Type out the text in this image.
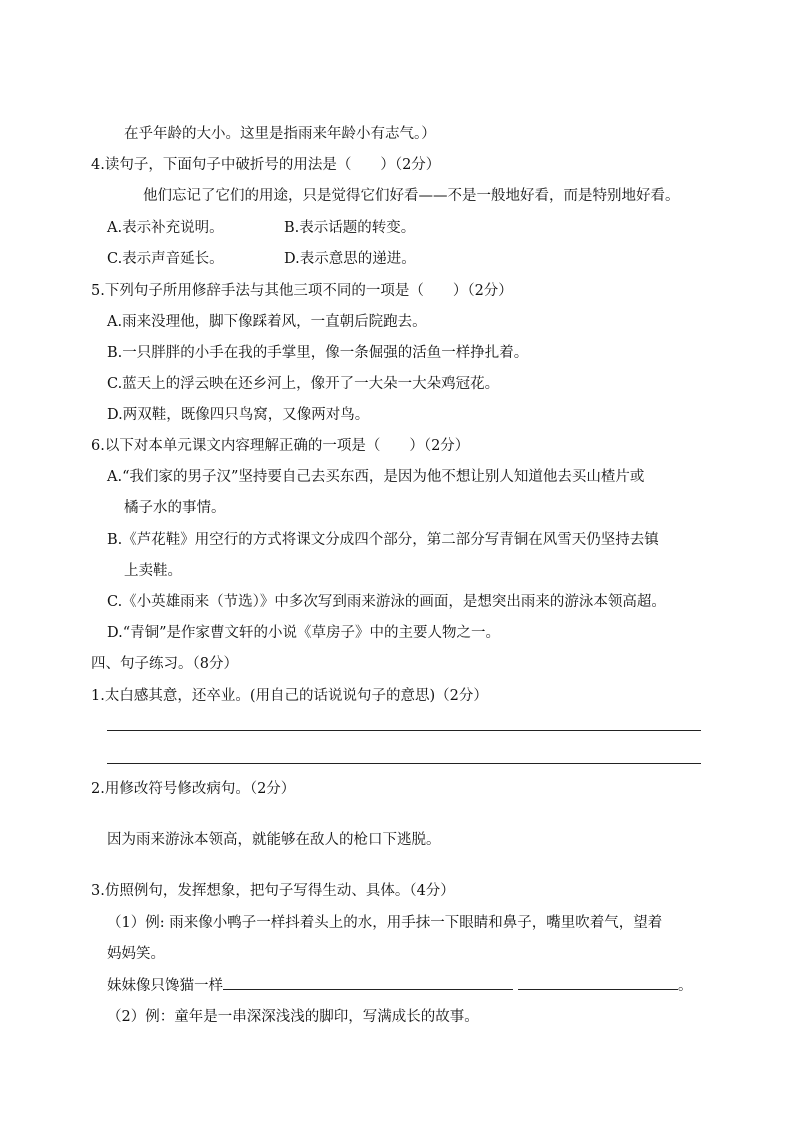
在乎年龄的大小。这里是指雨来年龄小有志气。）
4.读句子，下面句子中破折号的用法是（　　）（2分）
他们忘记了它们的用途，只是觉得它们好看——不是一般地好看，而是特别地好看。
A.表示补充说明。	B.表示话题的转变。
C.表示声音延长。	D.表示意思的递进。
5.下列句子所用修辞手法与其他三项不同的一项是（　　）（2分）
A.雨来没理他，脚下像踩着风，一直朝后院跑去。
B.一只胖胖的小手在我的手掌里，像一条倔强的活鱼一样挣扎着。
C.蓝天上的浮云映在还乡河上，像开了一大朵一大朵鸡冠花。
D.两双鞋，既像四只鸟窝，又像两对鸟。
6.以下对本单元课文内容理解正确的一项是（　　）（2分）
A.“我们家的男子汉”坚持要自己去买东西，是因为他不想让别人知道他去买山楂片或
橘子水的事情。
B.《芦花鞋》用空行的方式将课文分成四个部分，第二部分写青铜在风雪天仍坚持去镇
上卖鞋。
C.《小英雄雨来（节选）》中多次写到雨来游泳的画面，是想突出雨来的游泳本领高超。
D.“青铜”是作家曹文轩的小说《草房子》中的主要人物之一。
四、句子练习。（8分）
1.太白感其意，还卒业。(用自己的话说说句子的意思)（2分）
2.用修改符号修改病句。（2分）
因为雨来游泳本领高，就能够在敌人的枪口下逃脱。
3.仿照例句，发挥想象，把句子写得生动、具体。（4分）
（1）例: 雨来像小鸭子一样抖着头上的水，用手抹一下眼睛和鼻子，嘴里吹着气，望着
妈妈笑。
妹妹像只馋猫一样	。
（2）例：童年是一串深深浅浅的脚印，写满成长的故事。
